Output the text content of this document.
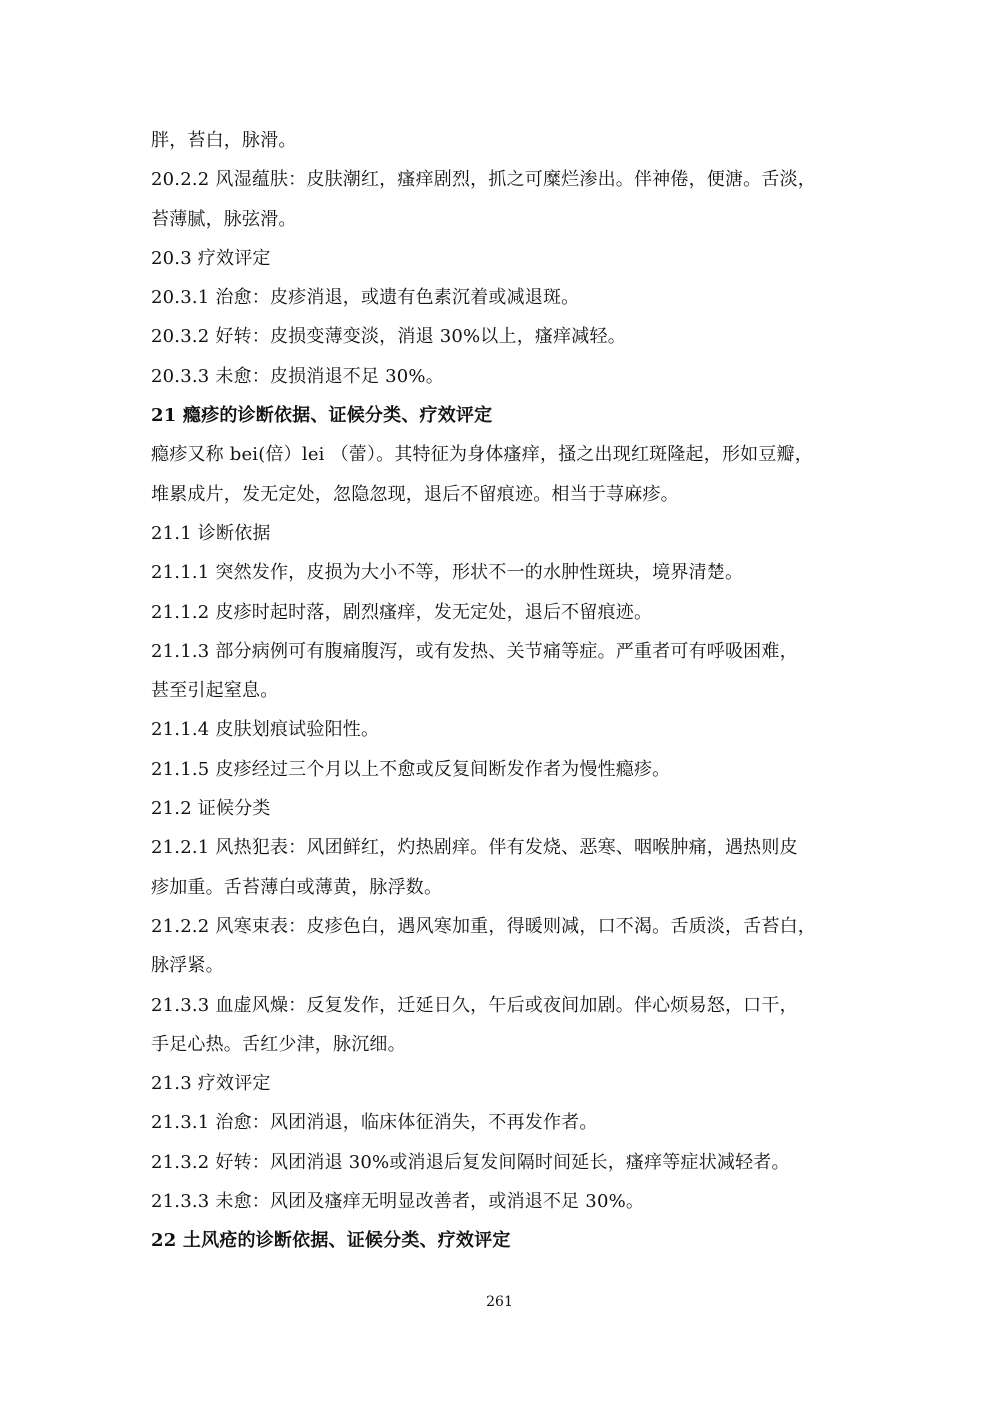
胖，苔白，脉滑。
20.2.2 风湿蕴肤：皮肤潮红，瘙痒剧烈，抓之可糜烂渗出。伴神倦，便溏。舌淡，
苔薄腻，脉弦滑。
20.3 疗效评定
20.3.1 治愈：皮疹消退，或遗有色素沉着或减退斑。
20.3.2 好转：皮损变薄变淡，消退 30%以上，瘙痒减轻。
20.3.3 未愈：皮损消退不足 30%。
21 瘾疹的诊断依据、证候分类、疗效评定
瘾疹又称 bei(倍）lei （蕾）。其特征为身体瘙痒，搔之出现红斑隆起，形如豆瓣，
堆累成片，发无定处，忽隐忽现，退后不留痕迹。相当于荨麻疹。
21.1 诊断依据
21.1.1 突然发作，皮损为大小不等，形状不一的水肿性斑块，境界清楚。
21.1.2 皮疹时起时落，剧烈瘙痒，发无定处，退后不留痕迹。
21.1.3 部分病例可有腹痛腹泻，或有发热、关节痛等症。严重者可有呼吸困难，
甚至引起窒息。
21.1.4 皮肤划痕试验阳性。
21.1.5 皮疹经过三个月以上不愈或反复间断发作者为慢性瘾疹。
21.2 证候分类
21.2.1 风热犯表：风团鲜红，灼热剧痒。伴有发烧、恶寒、咽喉肿痛，遇热则皮
疹加重。舌苔薄白或薄黄，脉浮数。
21.2.2 风寒束表：皮疹色白，遇风寒加重，得暖则减，口不渴。舌质淡，舌苔白，
脉浮紧。
21.3.3 血虚风燥：反复发作，迁延日久，午后或夜间加剧。伴心烦易怒，口干，
手足心热。舌红少津，脉沉细。
21.3 疗效评定
21.3.1 治愈：风团消退，临床体征消失，不再发作者。
21.3.2 好转：风团消退 30%或消退后复发间隔时间延长，瘙痒等症状减轻者。
21.3.3 未愈：风团及瘙痒无明显改善者，或消退不足 30%。
22 土风疮的诊断依据、证候分类、疗效评定
261
